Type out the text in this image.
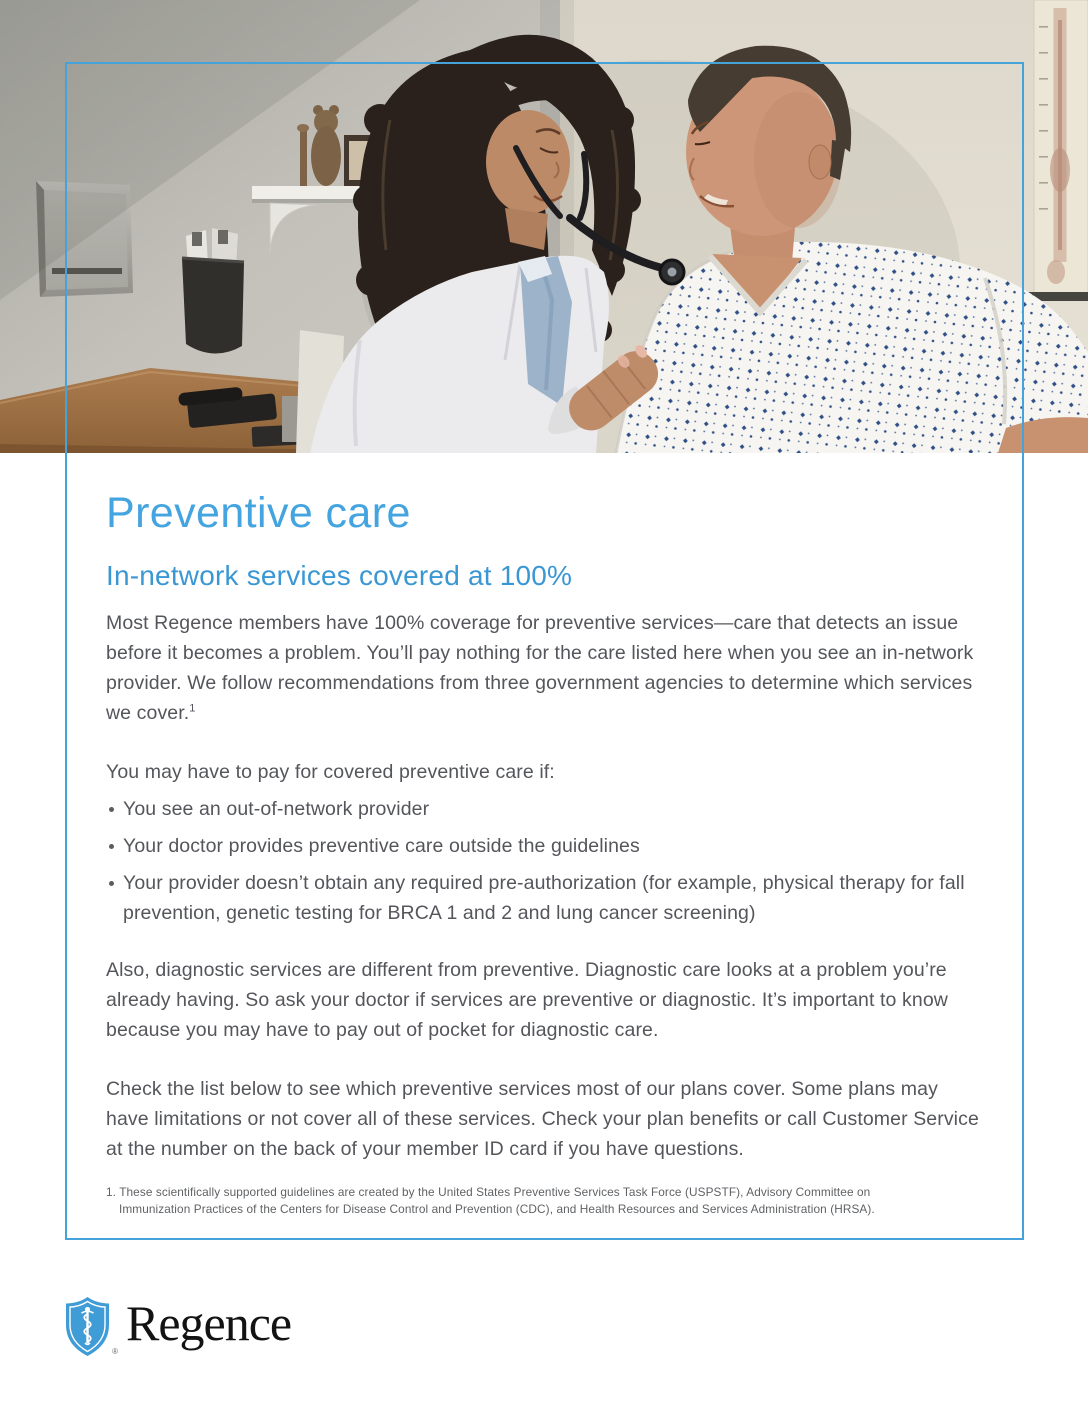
Preventive care
In-network services covered at 100%

Most Regence members have 100% coverage for preventive services—care that detects an issue before it becomes a problem. You’ll pay nothing for the care listed here when you see an in-network provider. We follow recommendations from three government agencies to determine which services we cover.$^1$

You may have to pay for covered preventive care if:

You see an out-of-network provider
Your doctor provides preventive care outside the guidelines
Your provider doesn’t obtain any required pre-authorization (for example, physical therapy for fall prevention, genetic testing for BRCA 1 and 2 and lung cancer screening)

Also, diagnostic services are different from preventive. Diagnostic care looks at a problem you’re already having. So ask your doctor if services are preventive or diagnostic. It’s important to know because you may have to pay out of pocket for diagnostic care.

Check the list below to see which preventive services most of our plans cover. Some plans may have limitations or not cover all of these services. Check your plan benefits or call Customer Service at the number on the back of your member ID card if you have questions.

1. These scientifically supported guidelines are created by the United States Preventive Services Task Force (USPSTF), Advisory Committee on Immunization Practices of the Centers for Disease Control and Prevention (CDC), and Health Resources and Services Administration (HRSA).

®
Regence
